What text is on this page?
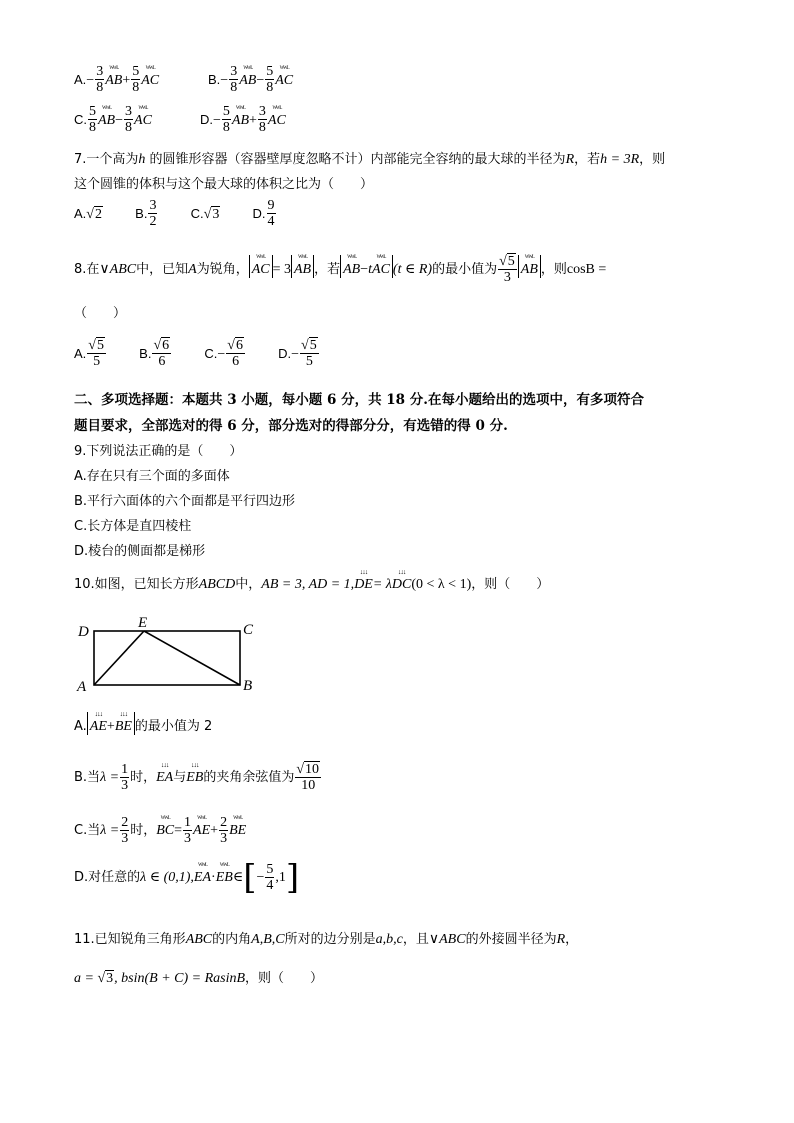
$A.- \frac{3}{8}$ ᵂᵂᴸ $AB+ \frac{5}{8}$ ᵂᵂᴸ AC	$B.- \frac{3}{8}$ ᵂᵂᴸ $AB- \frac{5}{8}$ ᵂᵂᴸ AC
C. $\frac{5}{8}$ ᵂᵂᴸ $AB- \frac{3}{8}$ ᵂᵂᴸ AC	$D.- \frac{5}{8}$ ᵂᵂᴸ $AB+ \frac{3}{8}$ ᵂᵂᴸ AC
7.一个高为h 的圆锥形容器（容器壁厚度忽略不计）内部能完全容纳的最大球的半径为R，若h = 3R，则
这个圆锥的体积与这个最大球的体积之比为（　　）
A.√2	B. $\frac{3}{2}$	C.√3	D. $\frac{9}{4}$
8.在∨ABC中，已知A为锐角， ᵂᵂᴸ AC = 3 ᵂᵂᴸ AB ，若 ᵂᵂᴸ AB−tᵂᵂᴸ AC (t ∈ R)的最小值为 $\frac{√5}{3}$ ᵂᵂᴸ AB ，则cosB =
（　　）
A. $\frac{√5}{5}$	B. $\frac{√6}{6}$	$C.- \frac{√6}{6}$	$D.- \frac{√5}{5}$
二、多项选择题：本题共 3 小题，每小题 6 分，共 18 分.在每小题给出的选项中，有多项符合
题目要求，全部选对的得 6 分，部分选对的得部分分，有选错的得 0 分.
9.下列说法正确的是（　　）
A.存在只有三个面的多面体
B.平行六面体的六个面都是平行四边形
C.长方体是直四棱柱
D.棱台的侧面都是梯形
10.如图，已知长方形ABCD中，AB = 3, AD = 1,↓↓↓ DE= λ↓↓↓ DC(0 < λ < 1)，则（　　）
D
E	C
A	B
A. ↓↓↓ AE+↓↓↓ BE 的最小值为 2
B.当$\lambda = \frac{1}{3}$ 时，↓↓↓ EA与↓↓↓ EB的夹角余弦值为 $\frac{√10}{10}$
C.当$\lambda = \frac{2}{3}$ 时，ᵂᵂᴸ $BC= \frac{1}{3}$ ᵂᵂᴸ $AE+ \frac{2}{3}$ ᵂᵂᴸ BE
D.对任意的λ ∈ (0,1),ᵂᵂᴸ EA·ᵂᵂᴸ EB∈[− $\frac{5}{4} ,1$]
11.已知锐角三角形ABC的内角A,B,C所对的边分别是a,b,c，且∨ABC的外接圆半径为R，
a = √3, bsin(B + C) = RasinB，则（　　）
